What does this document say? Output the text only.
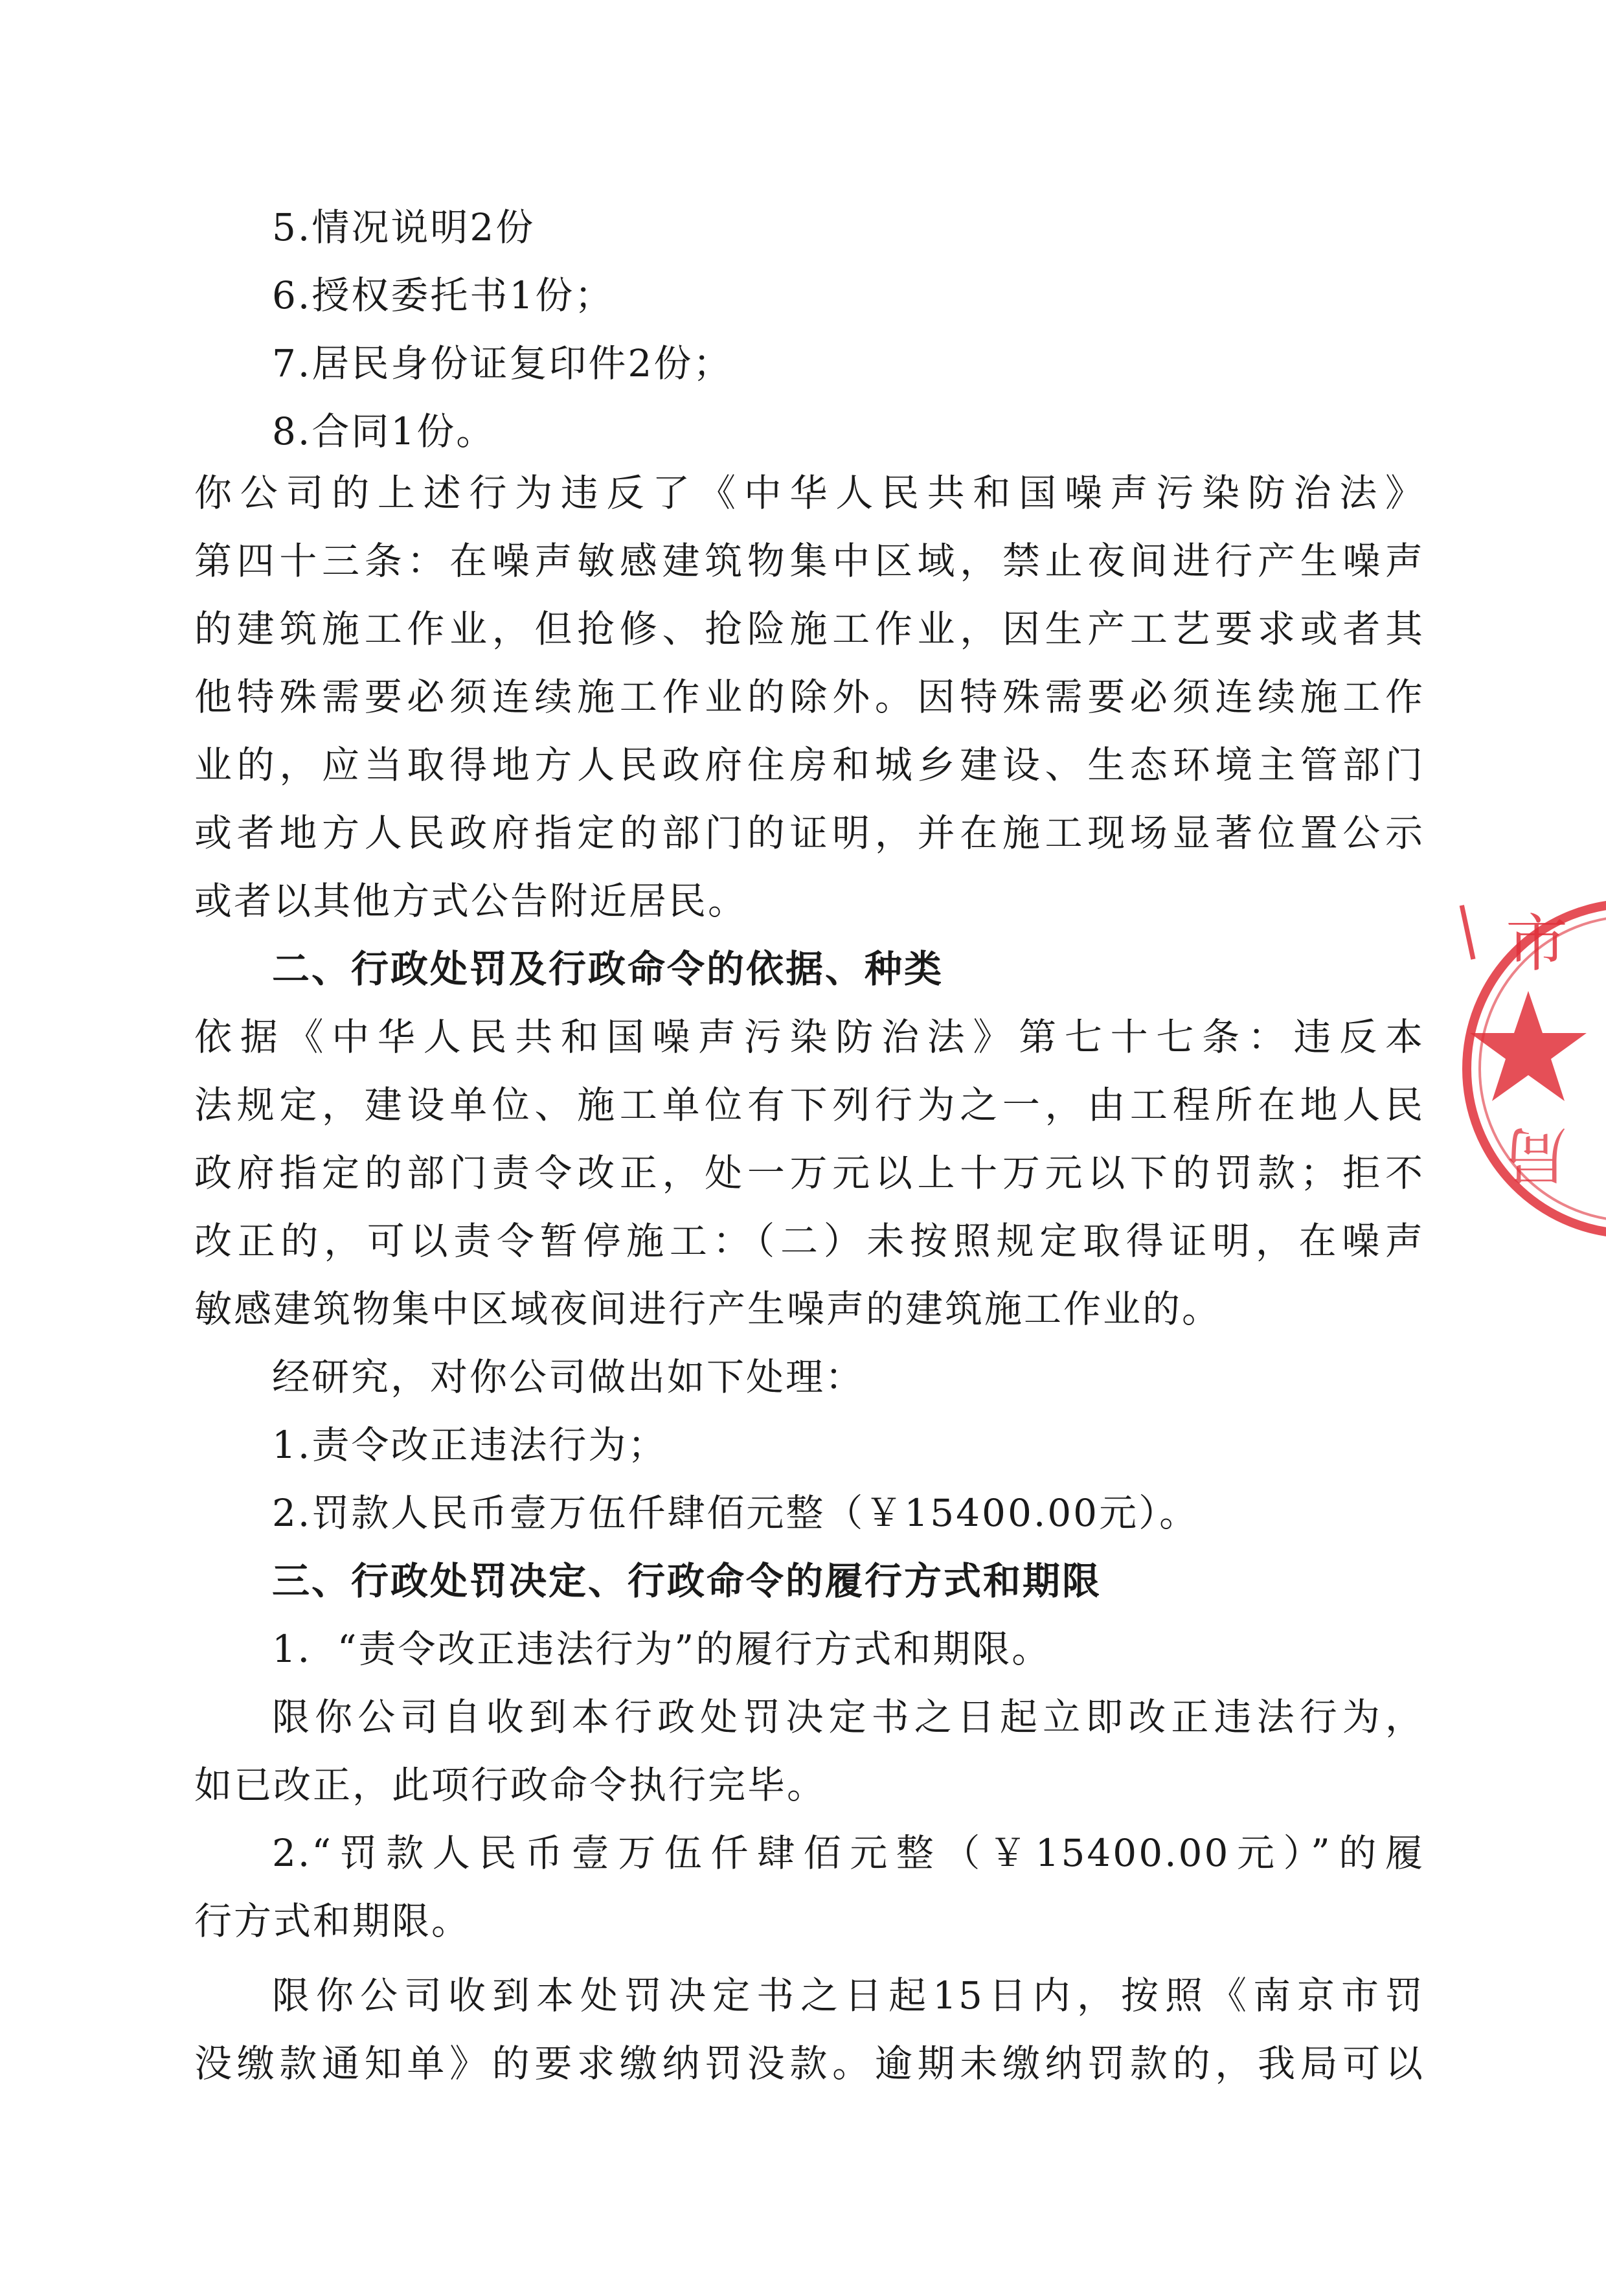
5.情况说明2份
6.授权委托书1份；
7.居民身份证复印件2份；
8.合同1份。
你公司的上述行为违反了《中华人民共和国噪声污染防治法》
第四十三条：在噪声敏感建筑物集中区域，禁止夜间进行产生噪声
的建筑施工作业，但抢修、抢险施工作业，因生产工艺要求或者其
他特殊需要必须连续施工作业的除外。因特殊需要必须连续施工作
业的，应当取得地方人民政府住房和城乡建设、生态环境主管部门
或者地方人民政府指定的部门的证明，并在施工现场显著位置公示
或者以其他方式公告附近居民。
二、行政处罚及行政命令的依据、种类
依据《中华人民共和国噪声污染防治法》第七十七条：违反本
法规定，建设单位、施工单位有下列行为之一，由工程所在地人民
政府指定的部门责令改正，处一万元以上十万元以下的罚款；拒不
改正的，可以责令暂停施工：（二）未按照规定取得证明，在噪声
敏感建筑物集中区域夜间进行产生噪声的建筑施工作业的。
经研究，对你公司做出如下处理：
1.责令改正违法行为；
2.罚款人民币壹万伍仟肆佰元整（￥15400.00元）。
三、行政处罚决定、行政命令的履行方式和期限
1．“责令改正违法行为”的履行方式和期限。
限你公司自收到本行政处罚决定书之日起立即改正违法行为，
如已改正，此项行政命令执行完毕。
2.“罚款人民币壹万伍仟肆佰元整（￥15400.00元）”的履
行方式和期限。
限你公司收到本处罚决定书之日起15日内，按照《南京市罚
没缴款通知单》的要求缴纳罚没款。逾期未缴纳罚款的，我局可以
∣ 市
局
